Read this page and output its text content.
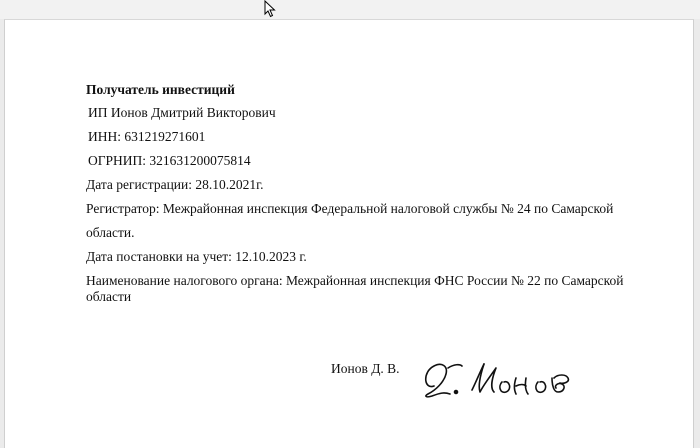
Получатель инвестиций
ИП Ионов Дмитрий Викторович
ИНН: 631219271601
ОГРНИП: 321631200075814
Дата регистрации: 28.10.2021г.
Регистратор: Межрайонная инспекция Федеральной налоговой службы № 24 по Самарской
области.
Дата постановки на учет: 12.10.2023 г.
Наименование налогового органа: Межрайонная инспекция ФНС России № 22 по Самарской
области
Ионов Д. В.
